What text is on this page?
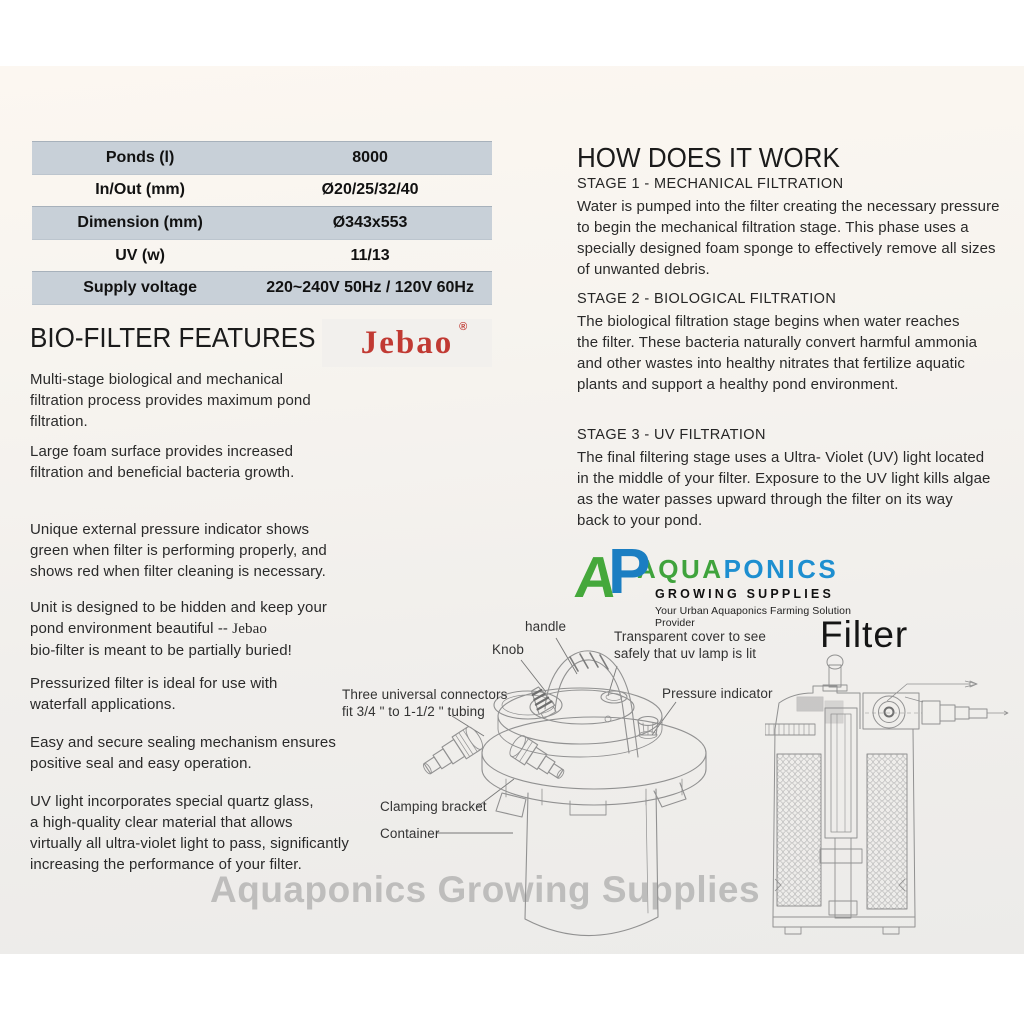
Aquaponics Growing Supplies
Ponds (l)	8000
In/Out (mm)	Ø20/25/32/40
Dimension (mm)	Ø343x553
UV (w)	11/13
Supply voltage	220~240V 50Hz / 120V 60Hz
BIO-FILTER FEATURES Jebao ®
Multi-stage biological and mechanical
filtration process provides maximum pond
filtration.
Large foam surface provides increased
filtration and beneficial bacteria growth.
Unique external pressure indicator shows
green when filter is performing properly, and
shows red when filter cleaning is necessary.
Unit is designed to be hidden and keep your
pond environment beautiful -- Jebao
bio-filter is meant to be partially buried!
Pressurized filter is ideal for use with
waterfall applications.
Easy and secure sealing mechanism ensures
positive seal and easy operation.
UV light incorporates special quartz glass,
a high-quality clear material that allows
virtually all ultra-violet light to pass, significantly
increasing the performance of your filter.
HOW DOES IT WORK
STAGE 1 - MECHANICAL FILTRATION
Water is pumped into the filter creating the necessary pressure
to begin the mechanical filtration stage. This phase uses a
specially designed foam sponge to effectively remove all sizes
of unwanted debris.
STAGE 2 - BIOLOGICAL FILTRATION
The biological filtration stage begins when water reaches
the filter. These bacteria naturally convert harmful ammonia
and other wastes into healthy nitrates that fertilize aquatic
plants and support a healthy pond environment.
STAGE 3 - UV FILTRATION
The final filtering stage uses a Ultra- Violet (UV) light located
in the middle of your filter. Exposure to the UV light kills algae
as the water passes upward through the filter on its way
back to your pond.
A
P
AQUAPONICS
GROWING SUPPLIES
Your Urban Aquaponics Farming Solution Provider	Filter
handle
Knob
Transparent cover to see
safely that uv lamp is lit
Pressure indicator
Three universal connectors
fit 3/4 " to 1-1/2 " tubing
Clamping bracket
Container
